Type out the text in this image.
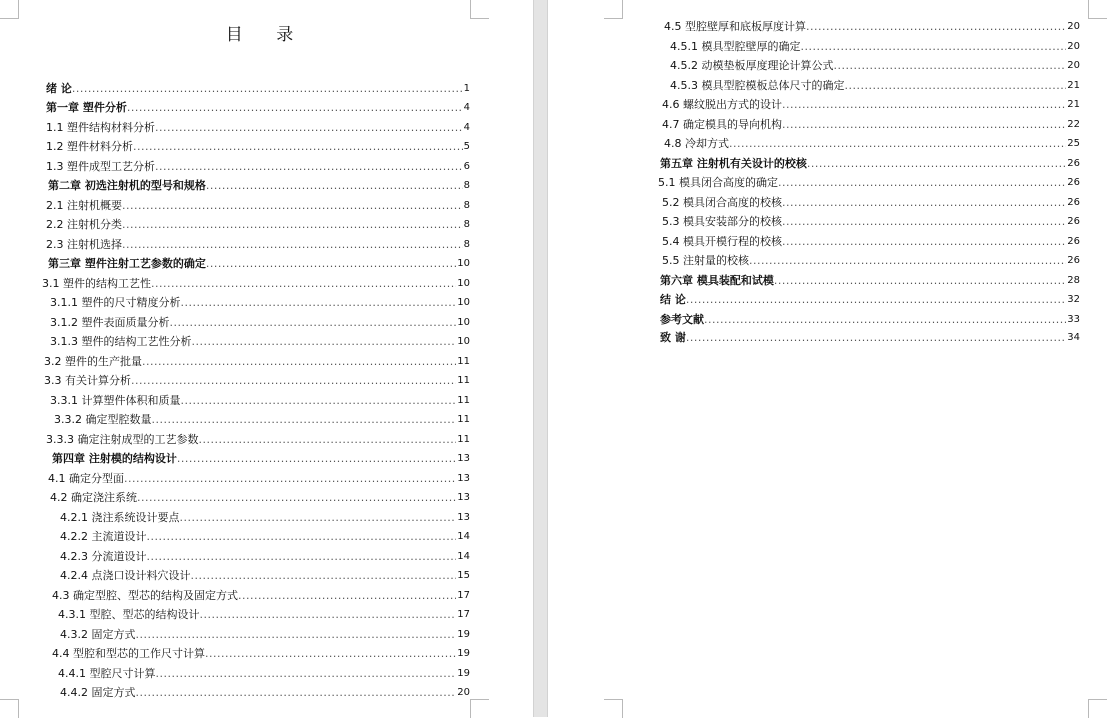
目 录
绪 论 .....	1
第一章 塑件分析 .....	4
1.1 塑件结构材料分析 .....	4
1.2 塑件材料分析 .....	5
1.3 塑件成型工艺分析 .....	6
第二章 初选注射机的型号和规格 .....	8
2.1 注射机概要 .....	8
2.2 注射机分类 .....	8
2.3 注射机选择 .....	8
第三章 塑件注射工艺参数的确定 .....	10
3.1 塑件的结构工艺性 .....	10
3.1.1 塑件的尺寸精度分析 .....	10
3.1.2 塑件表面质量分析 .....	10
3.1.3 塑件的结构工艺性分析 .....	10
3.2 塑件的生产批量 .....	11
3.3 有关计算分析 .....	11
3.3.1 计算塑件体积和质量 .....	11
3.3.2 确定型腔数量 .....	11
3.3.3 确定注射成型的工艺参数 .....	11
第四章 注射模的结构设计 .....	13
4.1 确定分型面 .....	13
4.2 确定浇注系统 .....	13
4.2.1 浇注系统设计要点 .....	13
4.2.2 主流道设计 .....	14
4.2.3 分流道设计 .....	14
4.2.4 点浇口设计料穴设计 .....	15
4.3 确定型腔、型芯的结构及固定方式 .....	17
4.3.1 型腔、型芯的结构设计 .....	17
4.3.2 固定方式 .....	19
4.4 型腔和型芯的工作尺寸计算 .....	19
4.4.1 型腔尺寸计算 .....	19
4.4.2 固定方式 .....	20
4.5 型腔壁厚和底板厚度计算 .....	20
4.5.1 模具型腔壁厚的确定 .....	20
4.5.2 动模垫板厚度理论计算公式 .....	20
4.5.3 模具型腔模板总体尺寸的确定 .....	21
4.6 螺纹脱出方式的设计 .....	21
4.7 确定模具的导向机构 .....	22
4.8 冷却方式 .....	25
第五章 注射机有关设计的校核 .....	26
5.1 模具闭合高度的确定 .....	26
5.2 模具闭合高度的校核 .....	26
5.3 模具安装部分的校核 .....	26
5.4 模具开模行程的校核 .....	26
5.5 注射量的校核 .....	26
第六章 模具装配和试模 .....	28
结 论 .....	32
参考文献 .....	33
致 谢 .....	34
